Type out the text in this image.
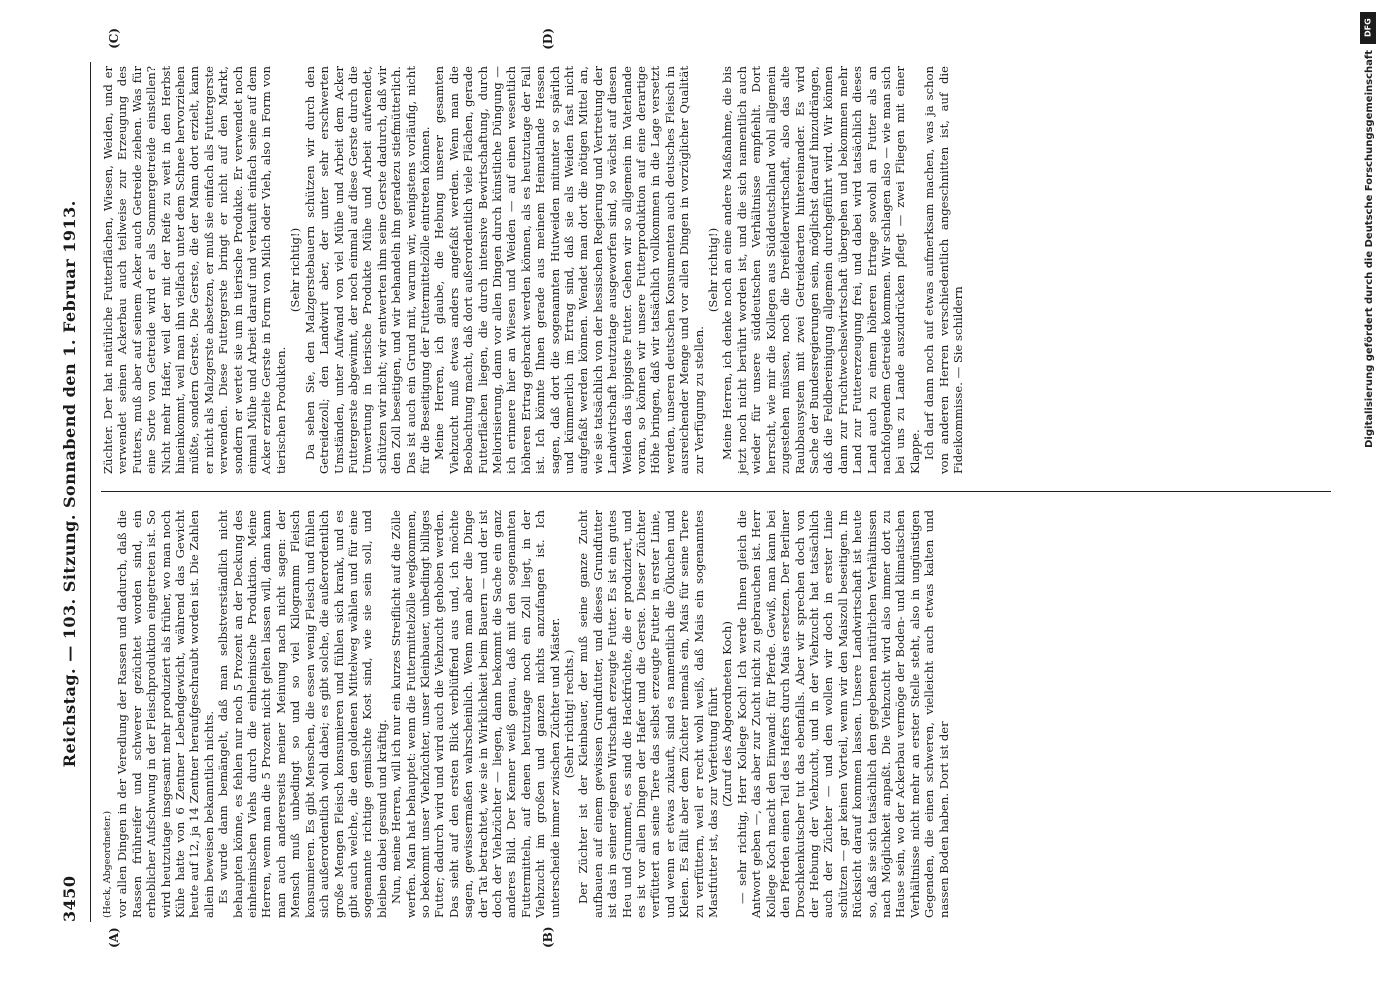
3450
Reichstag. — 103. Sitzung. Sonnabend den 1. Februar 1913.
(A)	(B)
(C)	(D)

(Heck, Abgeordneter.) vor allen Dingen in der Veredlung der Rassen und dadurch, daß die Rassen frühreifer und schwerer gezüchtet worden sind, ein erheblicher Aufschwung in der Fleischproduktion eingetreten ist. So wird heutzutage insgesamt mehr produziert als früher, wo man noch Kühe hatte von 6 Zentner Lebendgewicht, während das Gewicht heute auf 12, ja 14 Zentner heraufgeschraubt worden ist. Die Zahlen allein beweisen bekanntlich nichts. Es wurde dann bemängelt, daß man selbstverständlich nicht behaupten könne, es fehlen nur noch 5 Prozent an der Deckung des einheimischen Viehs durch die einheimische Produktion. Meine Herren, wenn man die 5 Prozent nicht gelten lassen will, dann kann man auch andererseits meiner Meinung nach nicht sagen: der Mensch muß unbedingt so und so viel Kilogramm Fleisch konsumieren. Es gibt Menschen, die essen wenig Fleisch und fühlen sich außerordentlich wohl dabei; es gibt solche, die außerordentlich große Mengen Fleisch konsumieren und fühlen sich krank, und es gibt auch welche, die den goldenen Mittelweg wählen und für eine sogenannte richtige gemischte Kost sind, wie sie sein soll, und bleiben dabei gesund und kräftig. Nun, meine Herren, will ich nur ein kurzes Streiflicht auf die Zölle werfen. Man hat behauptet: wenn die Futtermittelzölle wegkommen, so bekommt unser Viehzüchter, unser Kleinbauer, unbedingt billiges Futter; dadurch wird und wird auch die Viehzucht gehoben werden. Das sieht auf den ersten Blick verblüffend aus und, ich möchte sagen, gewissermaßen wahrscheinlich. Wenn man aber die Dinge der Tat betrachtet, wie sie in Wirklichkeit beim Bauern — und der ist doch der Viehzüchter — liegen, dann bekommt die Sache ein ganz anderes Bild. Der Kenner weiß genau, daß mit den sogenannten Futtermitteln, auf denen heutzutage noch ein Zoll liegt, in der Viehzucht im großen und ganzen nichts anzufangen ist. Ich unterscheide immer zwischen Züchter und Mäster. (Sehr richtig! rechts.) Der Züchter ist der Kleinbauer, der muß seine ganze Zucht aufbauen auf einem gewissen Grundfutter, und dieses Grundfutter ist das in seiner eigenen Wirtschaft erzeugte Futter. Es ist ein gutes Heu und Grummet, es sind die Hackfrüchte, die er produziert, und es ist vor allen Dingen der Hafer und die Gerste. Dieser Züchter verfüttert an seine Tiere das selbst erzeugte Futter in erster Linie, und wenn er etwas zukauft, sind es namentlich die Ölkuchen und Kleien. Es fällt aber dem Züchter niemals ein, Mais für seine Tiere zu verfüttern, weil er recht wohl weiß, daß Mais ein sogenanntes Mastfutter ist, das zur Verfettung führt (Zuruf des Abgeordneten Koch) — sehr richtig, Herr Kollege Koch! Ich werde Ihnen gleich die Antwort geben —, das aber zur Zucht nicht zu gebrauchen ist. Herr Kollege Koch macht den Einwand: für Pferde. Gewiß, man kann bei den Pferden einen Teil des Hafers durch Mais ersetzen. Der Berliner Droschkenkutscher tut das ebenfalls. Aber wir sprechen doch von der Hebung der Viehzucht, und in der Viehzucht hat tatsächlich auch der Züchter — und den wollen wir doch in erster Linie schützen — gar keinen Vorteil, wenn wir den Maiszoll beseitigen. Im Rücksicht darauf kommen lassen. Unsere Landwirtschaft ist heute so, daß sie sich tatsächlich den gegebenen natürlichen Verhältnissen nach Möglichkeit anpaßt. Die Viehzucht wird also immer dort zu Hause sein, wo der Ackerbau vermöge der Boden- und klimatischen Verhältnisse nicht mehr an erster Stelle steht, also in ungünstigen Gegenden, die einen schweren, vielleicht auch etwas kalten und nassen Boden haben. Dort ist der

Züchter. Der hat natürliche Futterflächen, Wiesen, Weiden, und er verwendet seinen Ackerbau auch teilweise zur Erzeugung des Futters, muß aber auf seinem Acker auch Getreide ziehen. Was für eine Sorte von Getreide wird er als Sommergetreide einstellen? Nicht mehr Hafer, weil der mit der Reife zu weit in den Herbst hineinkommt, weil man ihn vielfach unter dem Schnee hervorziehen müßte, sondern Gerste. Die Gerste, die der Mann dort erzielt, kann er nicht als Malzgerste absetzen, er muß sie einfach als Futtergerste verwenden. Diese Futtergerste bringt er nicht auf den Markt, sondern er wertet sie um in tierische Produkte. Er verwendet noch einmal Mühe und Arbeit darauf und verkauft einfach seine auf dem Acker erzielte Gerste in Form von Milch oder Vieh, also in Form von tierischen Produkten.

(Sehr richtig!) Da sehen Sie, den Malzgerstebauern schützen wir durch den Getreidezoll; den Landwirt aber, der unter sehr erschwerten Umständen, unter Aufwand von viel Mühe und Arbeit dem Acker Futtergerste abgewinnt, der noch einmal auf diese Gerste durch die Umwertung in tierische Produkte Mühe und Arbeit aufwendet, schützen wir nicht; wir entwerten ihm seine Gerste dadurch, daß wir den Zoll beseitigen, und wir behandeln ihn geradezu stiefmütterlich. Das ist auch ein Grund mit, warum wir, wenigstens vorläufig, nicht für die Beseitigung der Futtermittelzölle eintreten können. Meine Herren, ich glaube, die Hebung unserer gesamten Viehzucht muß etwas anders angefaßt werden. Wenn man die Beobachtung macht, daß dort außerordentlich viele Flächen, gerade Futterflächen liegen, die durch intensive Bewirtschaftung, durch Meliorisierung, dann vor allen Dingen durch künstliche Düngung — ich erinnere hier an Wiesen und Weiden — auf einen wesentlich höheren Ertrag gebracht werden können, als es heutzutage der Fall ist. Ich könnte Ihnen gerade aus meinem Heimatlande Hessen sagen, daß dort die sogenannten Hutweiden mitunter so spärlich und kümmerlich im Ertrag sind, daß sie als Weiden fast nicht aufgefaßt werden können. Wendet man dort die nötigen Mittel an, wie sie tatsächlich von der hessischen Regierung und Vertretung der Landwirtschaft heutzutage ausgeworfen sind, so wächst auf diesen Weiden das üppigste Futter. Gehen wir so allgemein im Vaterlande voran, so können wir unsere Futterproduktion auf eine derartige Höhe bringen, daß wir tatsächlich vollkommen in die Lage versetzt werden, unseren deutschen Konsumenten auch deutsches Fleisch in ausreichender Menge und vor allen Dingen in vorzüglicher Qualität zur Verfügung zu stellen.

(Sehr richtig!) Meine Herren, ich denke noch an eine andere Maßnahme, die bis jetzt noch nicht berührt worden ist, und die sich namentlich auch wieder für unsere süddeutschen Verhältnisse empfiehlt. Dort herrscht, wie mir die Kollegen aus Süddeutschland wohl allgemein zugestehen müssen, noch die Dreifelderwirtschaft, also das alte Raubbausystem mit zwei Getreidearten hintereinander. Es wird Sache der Bundesregierungen sein, möglichst darauf hinzudrängen, daß die Feldbereinigung allgemein durchgeführt wird. Wir können dann zur Fruchtwechselwirtschaft übergehen und bekommen mehr Land zur Futtererzeugung frei, und dabei wird tatsächlich dieses Land auch zu einem höheren Ertrage sowohl an Futter als an nachfolgendem Getreide kommen. Wir schlagen also — wie man sich bei uns zu Lande auszudrücken pflegt — zwei Fliegen mit einer Klappe. Ich darf dann noch auf etwas aufmerksam machen, was ja schon von anderen Herren verschiedentlich angeschnitten ist, auf die Fideikommisse. — Sie schildern

DFG
Digitalisierung gefördert durch die Deutsche Forschungsgemeinschaft
